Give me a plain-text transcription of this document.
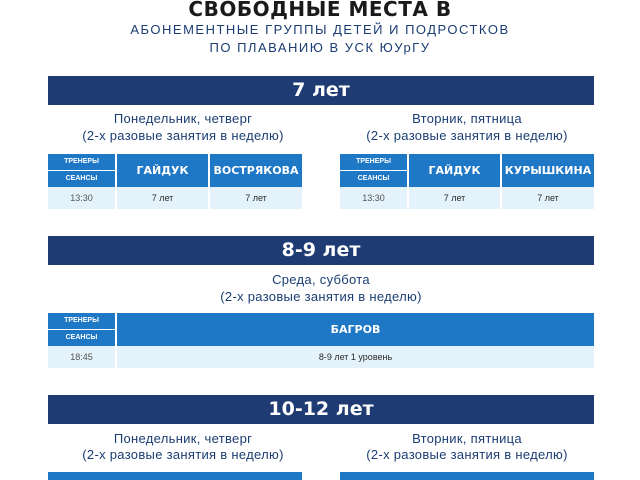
СВОБОДНЫЕ МЕСТА В
АБОНЕМЕНТНЫЕ ГРУППЫ ДЕТЕЙ И ПОДРОСТКОВ
ПО ПЛАВАНИЮ В УСК ЮУрГУ
7 лет
Понедельник, четверг
(2-х разовые занятия в неделю)
Вторник, пятница
(2-х разовые занятия в неделю)
ТРЕНЕРЫ	ГАЙДУК	ВОСТРЯКОВА
СЕАНСЫ		
13:30	7 лет	7 лет
ТРЕНЕРЫ	ГАЙДУК	КУРЫШКИНА
СЕАНСЫ		
13:30	7 лет	7 лет
8-9 лет
Среда, суббота
(2-х разовые занятия в неделю)
ТРЕНЕРЫ	БАГРОВ
СЕАНСЫ	
18:45	8-9 лет 1 уровень
10-12 лет
Понедельник, четверг
(2-х разовые занятия в неделю)
Вторник, пятница
(2-х разовые занятия в неделю)
